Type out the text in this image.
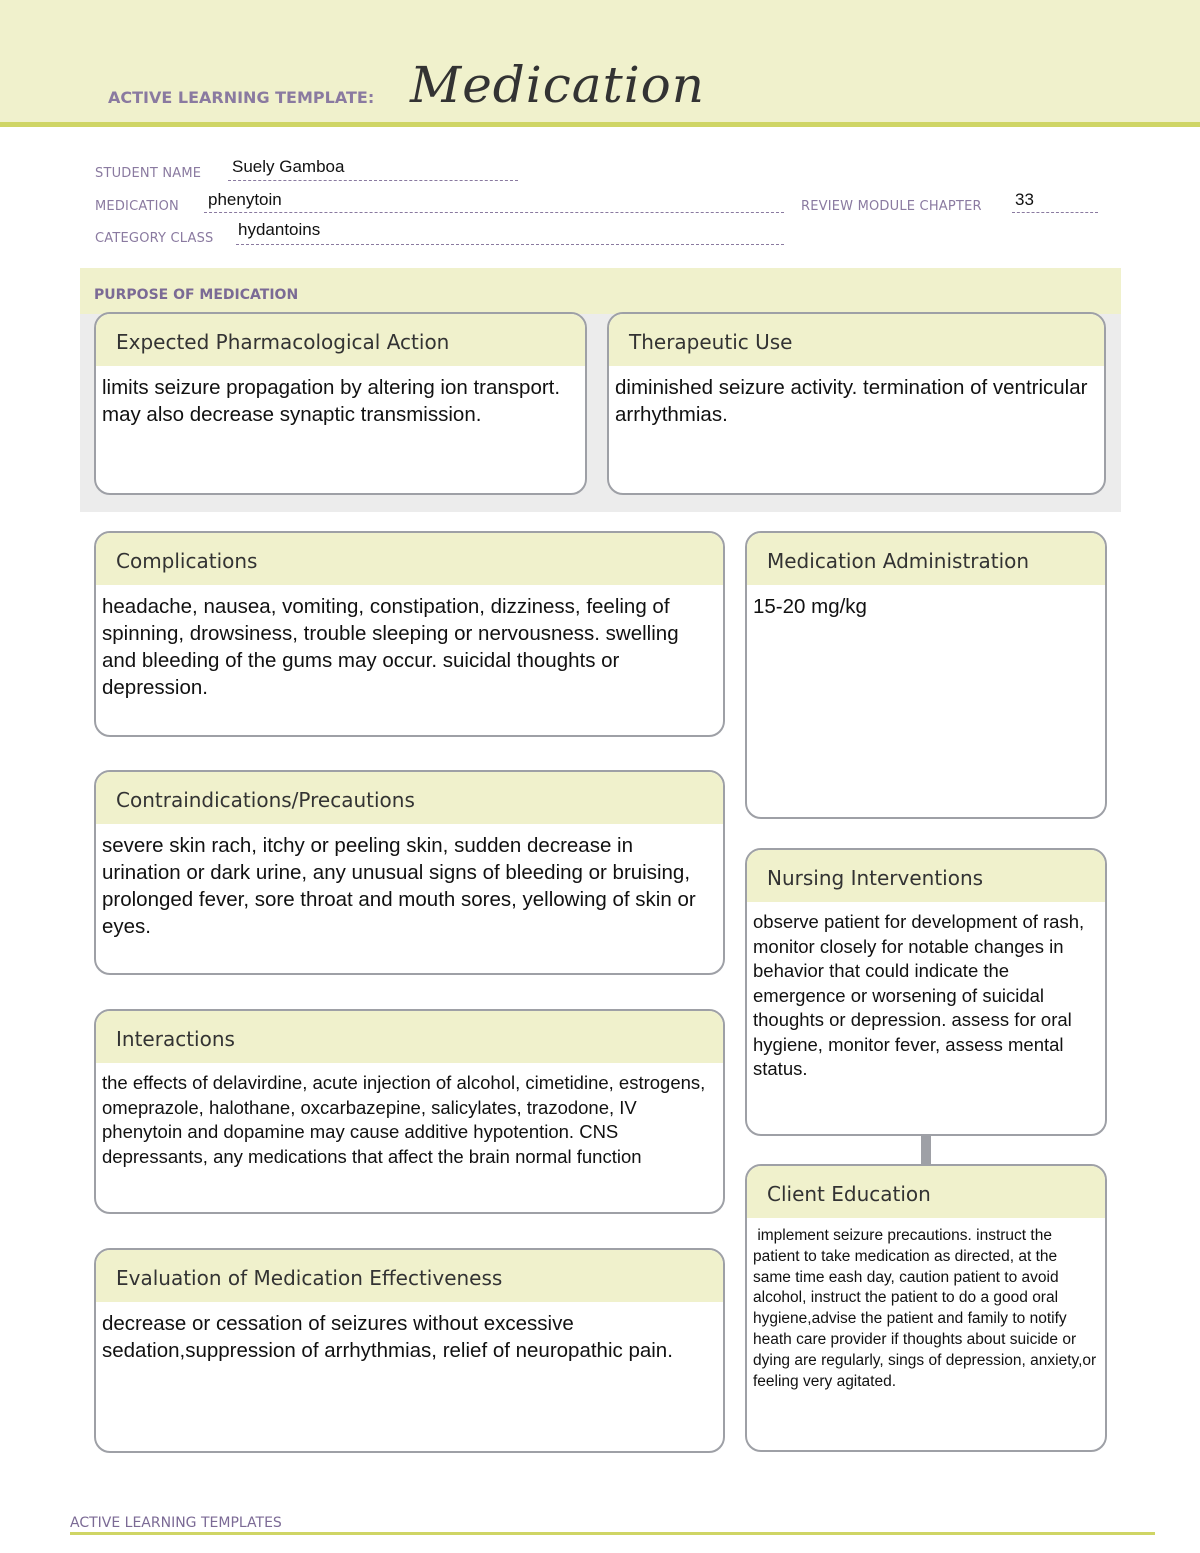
ACTIVE LEARNING TEMPLATE: Medication
STUDENT NAME Suely Gamboa
MEDICATION phenytoin	REVIEW MODULE CHAPTER 33
CATEGORY CLASS hydantoins
PURPOSE OF MEDICATION
Expected Pharmacological Action
limits seizure propagation by altering ion transport. may also decrease synaptic transmission.
Therapeutic Use
diminished seizure activity. termination of ventricular arrhythmias.
Complications
headache, nausea, vomiting, constipation, dizziness, feeling of spinning, drowsiness, trouble sleeping or nervousness. swelling and bleeding of the gums may occur. suicidal thoughts or depression.
Contraindications/Precautions
severe skin rach, itchy or peeling skin, sudden decrease in urination or dark urine, any unusual signs of bleeding or bruising, prolonged fever, sore throat and mouth sores, yellowing of skin or eyes.
Interactions
the effects of delavirdine, acute injection of alcohol, cimetidine, estrogens, omeprazole, halothane, oxcarbazepine, salicylates, trazodone, IV phenytoin and dopamine may cause additive hypotention. CNS depressants, any medications that affect the brain normal function
Evaluation of Medication Effectiveness
decrease or cessation of seizures without excessive sedation,suppression of arrhythmias, relief of neuropathic pain.
Medication Administration
15-20 mg/kg
Nursing Interventions
observe patient for development of rash, monitor closely for notable changes in behavior that could indicate the emergence or worsening of suicidal thoughts or depression. assess for oral hygiene, monitor fever, assess mental status.
Client Education
implement seizure precautions. instruct the patient to take medication as directed, at the same time eash day, caution patient to avoid alcohol, instruct the patient to do a good oral hygiene,advise the patient and family to notify heath care provider if thoughts about suicide or dying are regularly, sings of depression, anxiety,or feeling very agitated.
ACTIVE LEARNING TEMPLATES
